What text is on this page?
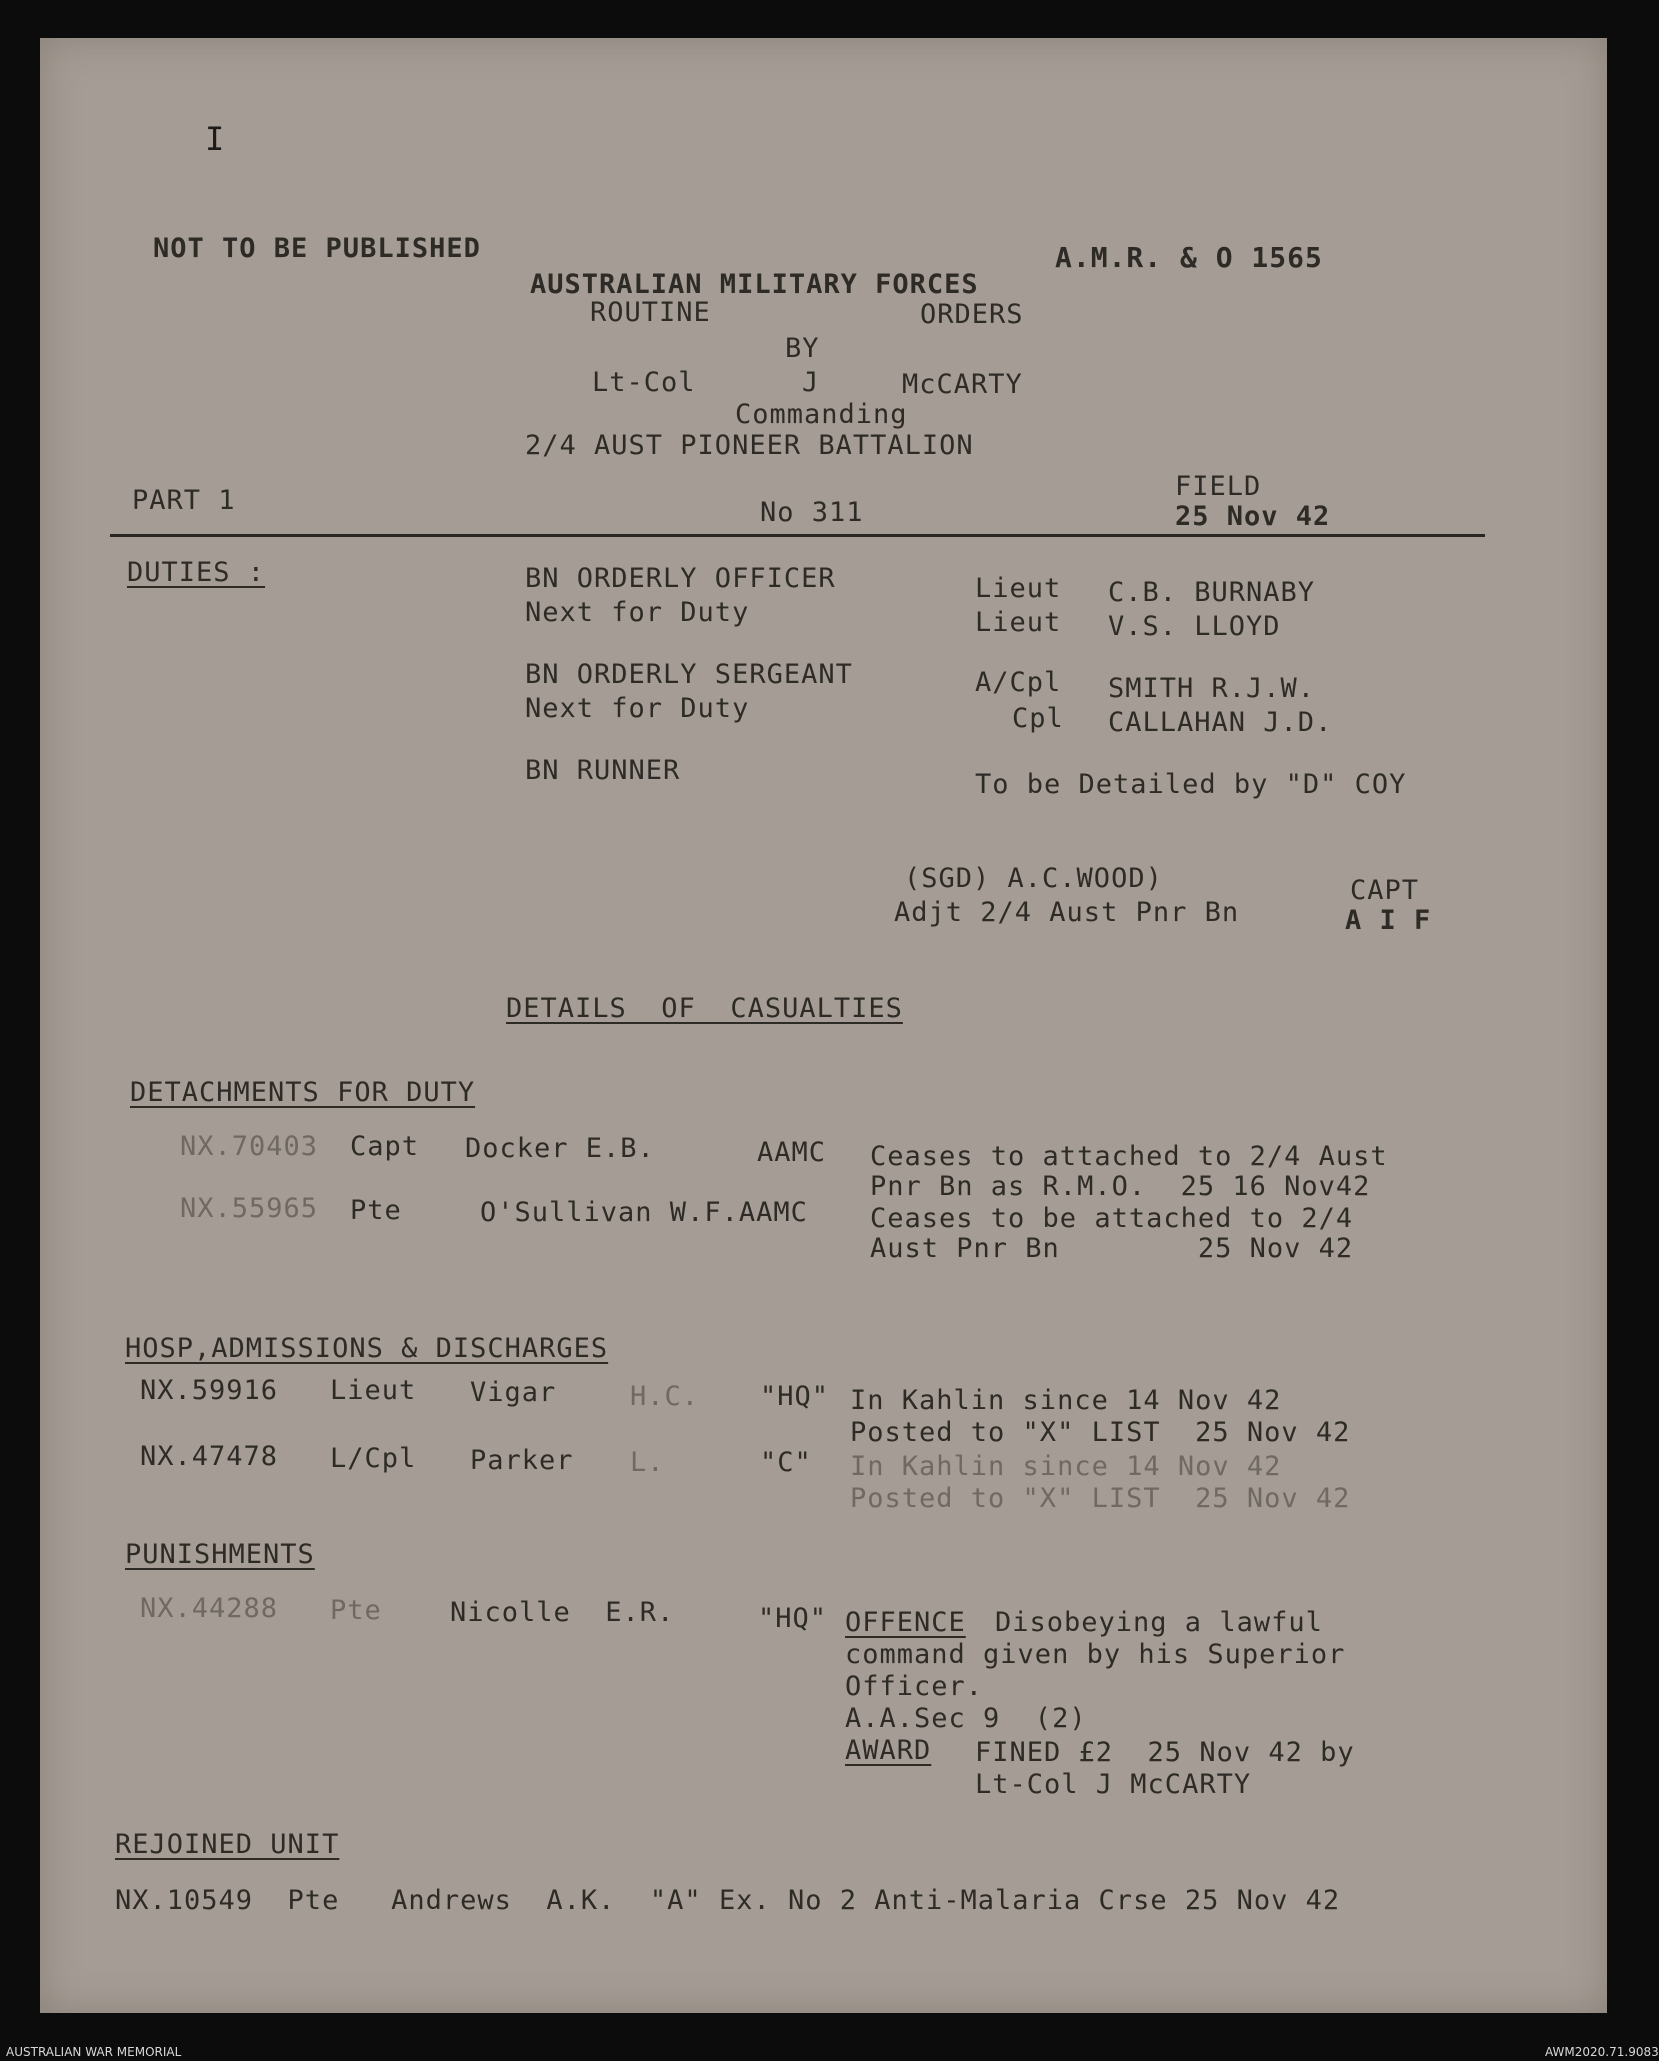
I
NOT TO BE PUBLISHED	A.M.R. & O 1565
AUSTRALIAN MILITARY FORCES
ROUTINE	ORDERS
BY
Lt-Col	J	McCARTY
Commanding
2/4 AUST PIONEER BATTALION
PART 1	No 311
FIELD
25 Nov 42
DUTIES :	BN ORDERLY OFFICER	Lieut C.B. BURNABY
Next for Duty	Lieut V.S. LLOYD
BN ORDERLY SERGEANT	A/Cpl SMITH R.J.W.
Next for Duty	Cpl CALLAHAN J.D.
BN RUNNER	To be Detailed by "D" COY
(SGD) A.C.WOOD)	CAPT
Adjt 2/4 Aust Pnr Bn	A I F
DETAILS  OF  CASUALTIES
DETACHMENTS FOR DUTY
NX.70403 Capt Docker E.B.	AAMC Ceases to attached to 2/4 Aust
Pnr Bn as R.M.O.  25 16 Nov42
NX.55965 Pte	O'Sullivan W.F.AAMC Ceases to be attached to 2/4
Aust Pnr Bn        25 Nov 42
HOSP,ADMISSIONS & DISCHARGES
NX.59916 Lieut Vigar	H.C. "HQ" In Kahlin since 14 Nov 42
Posted to "X" LIST  25 Nov 42
NX.47478 L/Cpl Parker L.	"C" In Kahlin since 14 Nov 42
Posted to "X" LIST  25 Nov 42
PUNISHMENTS
NX.44288 Pte	Nicolle  E.R.	"HQ" OFFENCE Disobeying a lawful
command given by his Superior
Officer.
A.A.Sec 9  (2)
AWARD FINED £2  25 Nov 42 by
Lt-Col J McCARTY
REJOINED UNIT
NX.10549  Pte   Andrews  A.K.  "A" Ex. No 2 Anti-Malaria Crse 25 Nov 42
AUSTRALIAN WAR MEMORIAL	AWM2020.71.9083
